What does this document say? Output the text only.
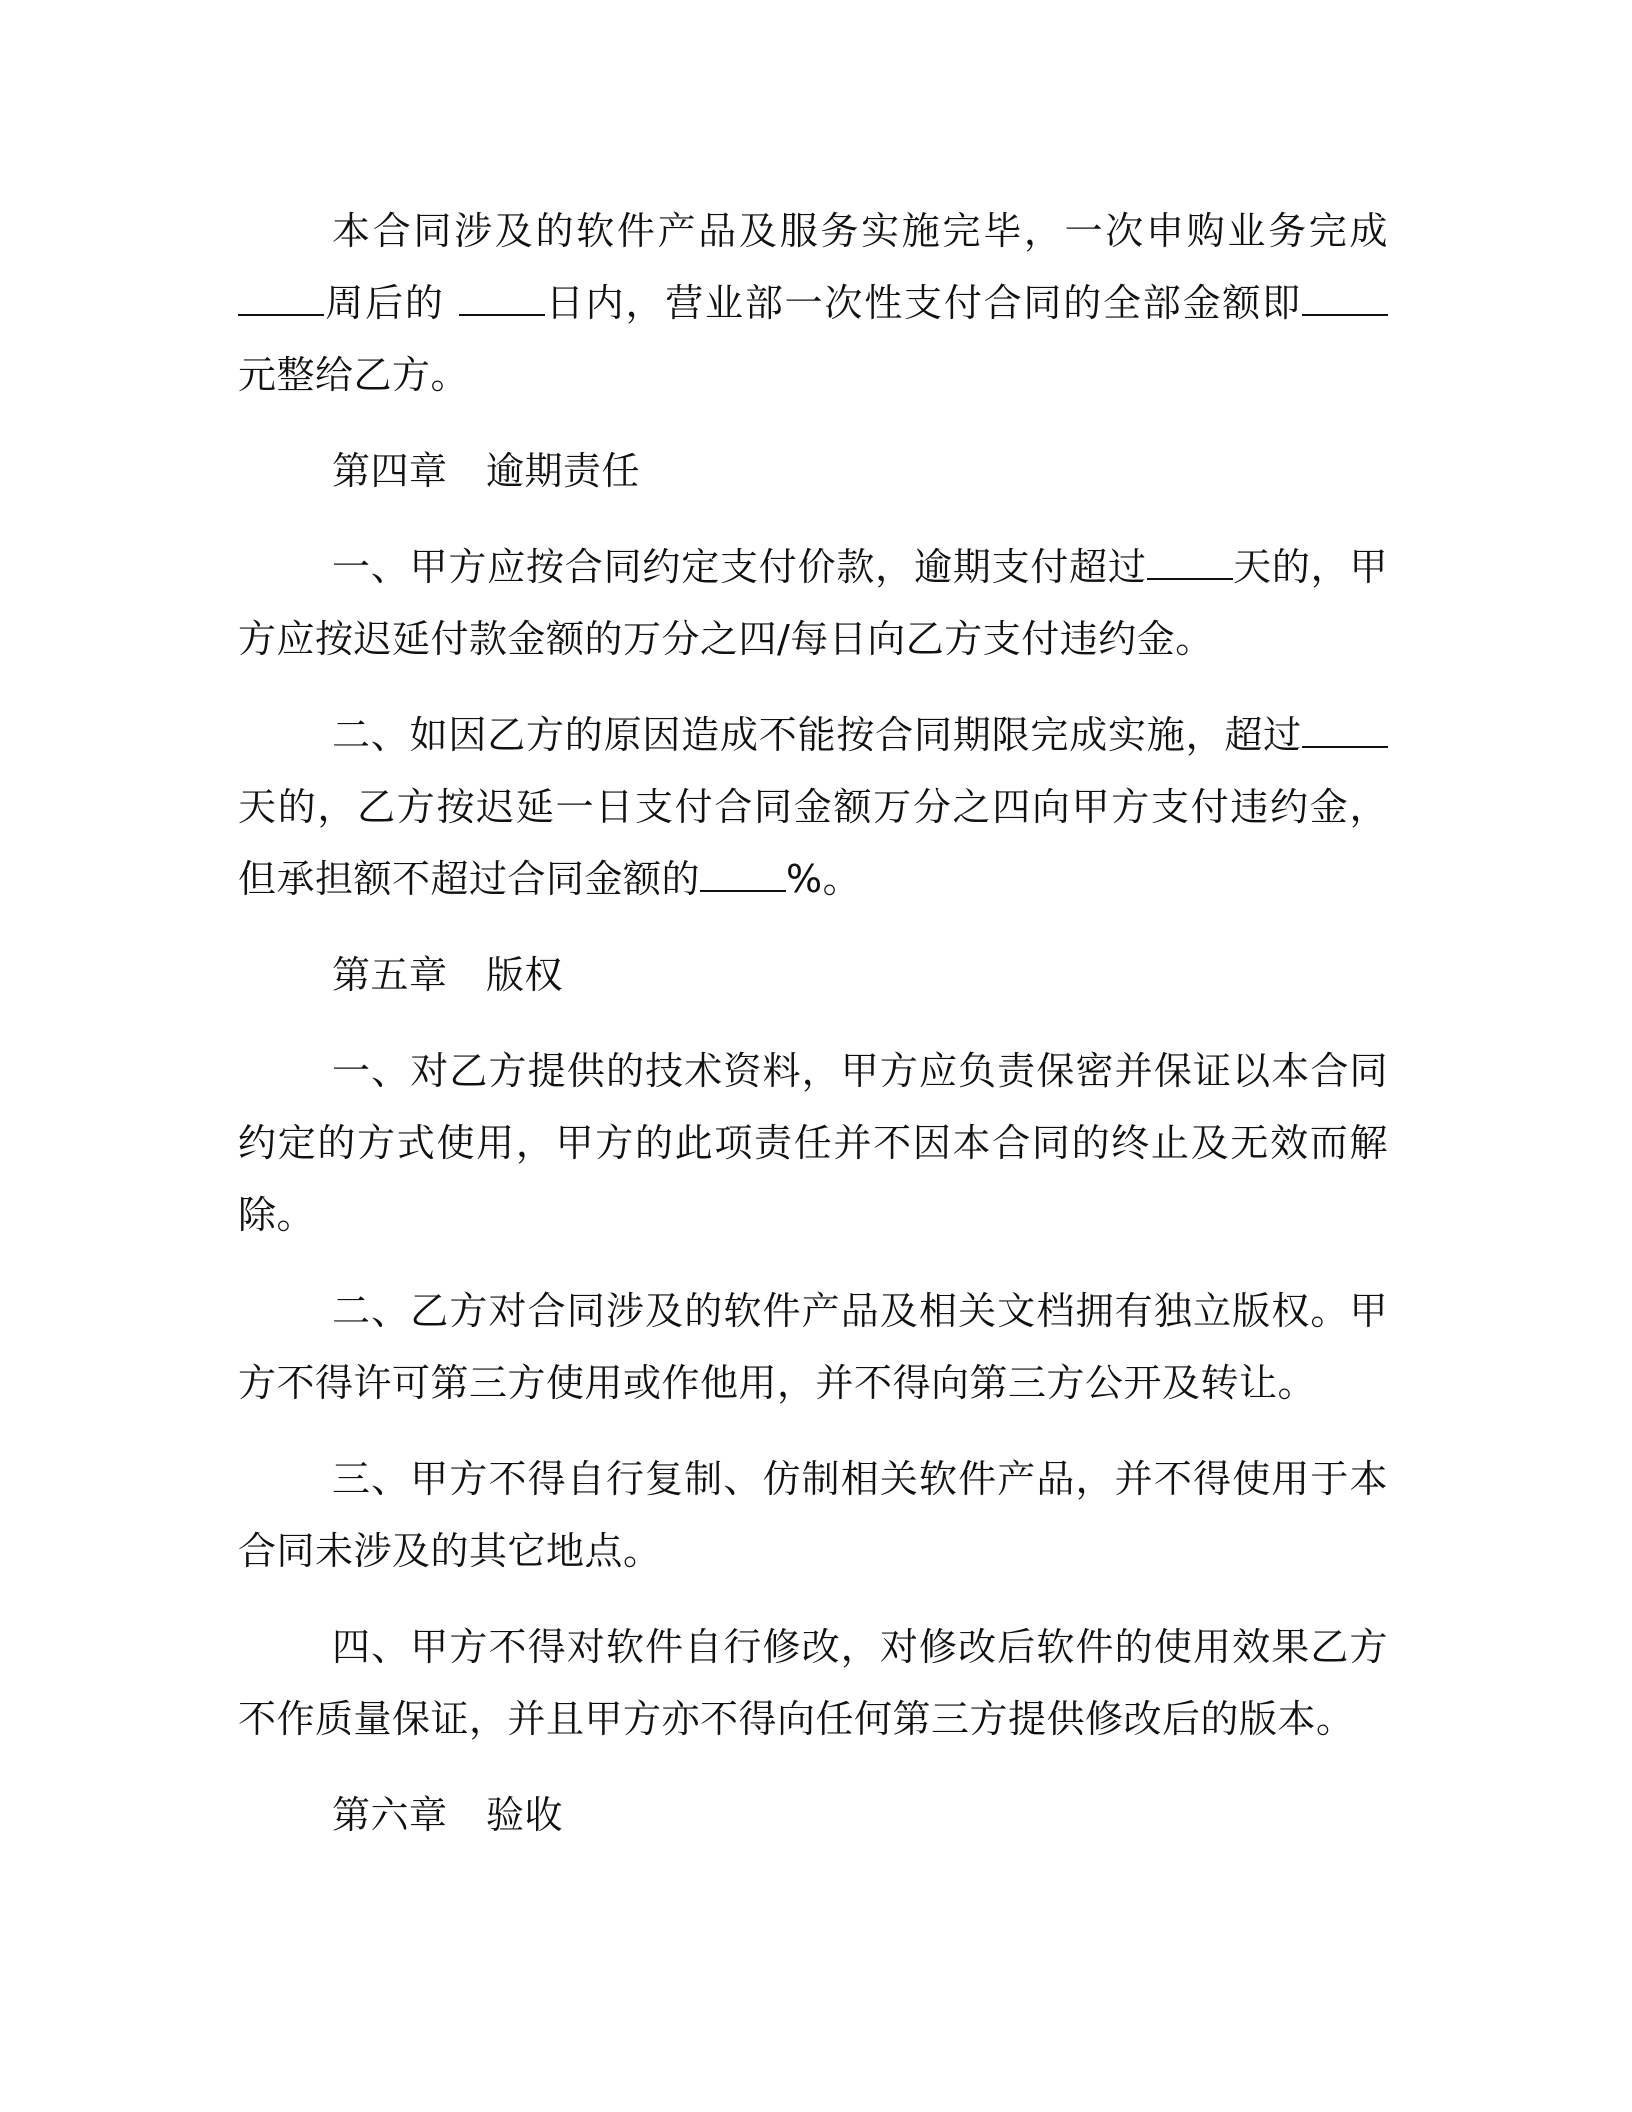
本合同涉及的软件产品及服务实施完毕，一次申购业务完成周后的 日内，营业部一次性支付合同的全部金额即元整给乙方。

第四章　逾期责任

一、甲方应按合同约定支付价款，逾期支付超过 天的，甲方应按迟延付款金额的万分之四/每日向乙方支付违约金。

二、如因乙方的原因造成不能按合同期限完成实施，超过天的，乙方按迟延一日支付合同金额万分之四向甲方支付违约金，但承担额不超过合同金额的 %。

第五章　版权

一、对乙方提供的技术资料，甲方应负责保密并保证以本合同约定的方式使用，甲方的此项责任并不因本合同的终止及无效而解除。

二、乙方对合同涉及的软件产品及相关文档拥有独立版权。甲方不得许可第三方使用或作他用，并不得向第三方公开及转让。

三、甲方不得自行复制、仿制相关软件产品，并不得使用于本合同未涉及的其它地点。

四、甲方不得对软件自行修改，对修改后软件的使用效果乙方不作质量保证，并且甲方亦不得向任何第三方提供修改后的版本。

第六章　验收
